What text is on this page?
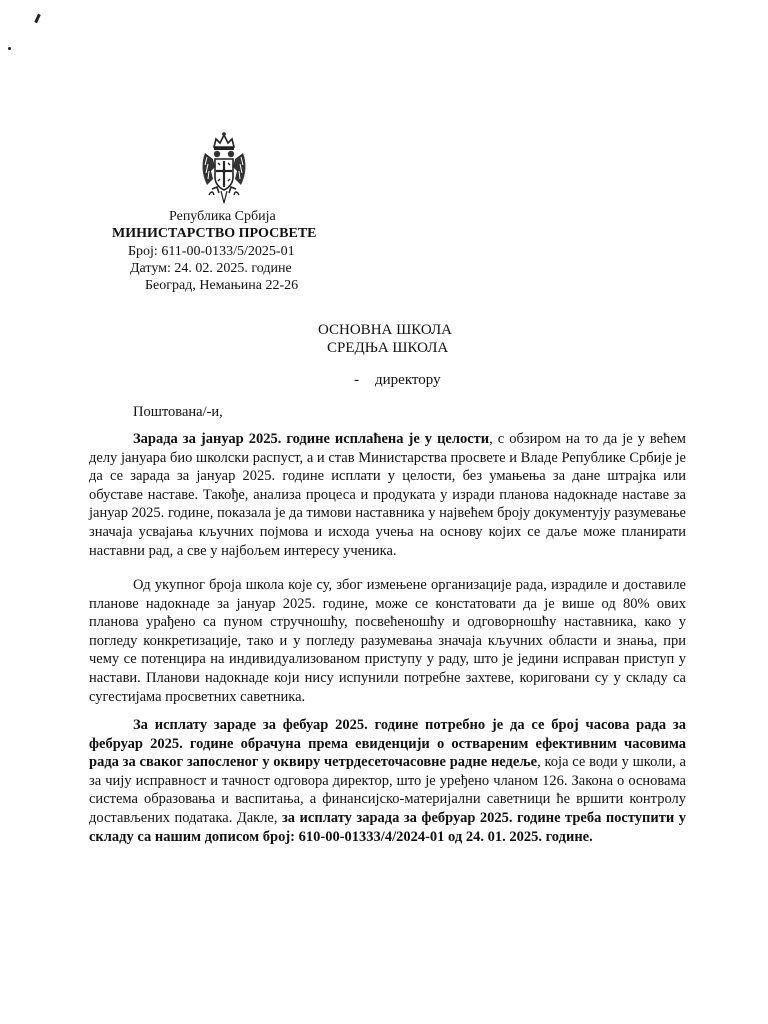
Република Србија
МИНИСТАРСТВО ПРОСВЕТЕ
Број: 611-00-0133/5/2025-01
Датум: 24. 02. 2025. године
Београд, Немањина 22-26
ОСНОВНА ШКОЛА
СРЕДЊА ШКОЛА
- директору
Поштована/-и,
Зарада за јануар 2025. године исплаћена је у целости, с обзиром на то да је у већем делу јануара био школски распуст, а и став Министарства просвете и Владе Републике Србије је да се зарада за јануар 2025. године исплати у целости, без умањења за дане штрајка или обуставе наставе. Такође, анализа процеса и продуката у изради планова надокнаде наставе за јануар 2025. године, показала је да тимови наставника у највећем броју документују разумевање значаја усвајања кључних појмова и исхода учења на основу којих се даље може планирати наставни рад, а све у најбољем интересу ученика.
Од укупног броја школа које су, због измењене организације рада, израдиле и доставиле планове надокнаде за јануар 2025. године, може се констатовати да је више од 80% ових планова урађено са пуном стручношћу, посвећеношћу и одговорношћу наставника, како у погледу конкретизације, тако и у погледу разумевања значаја кључних области и знања, при чему се потенцира на индивидуализованом приступу у раду, што је једини исправан приступ у настави. Планови надокнаде који нису испунили потребне захтеве, кориговани су у складу са сугестијама просветних саветника.
За исплату зараде за фебуар 2025. године потребно је да се број часова рада за фебруар 2025. године обрачуна према евиденцији о оствареним ефективним часовима рада за сваког запосленог у оквиру четрдесеточасовне радне недеље, која се води у школи, а за чију исправност и тачност одговора директор, што је уређено чланом 126. Закона о основама система образовања и васпитања, а финансијско-материјални саветници ће вршити контролу достављених података. Дакле, за исплату зарада за фебруар 2025. године треба поступити у складу са нашим дописом број: 610-00-01333/4/2024-01 од 24. 01. 2025. године.
